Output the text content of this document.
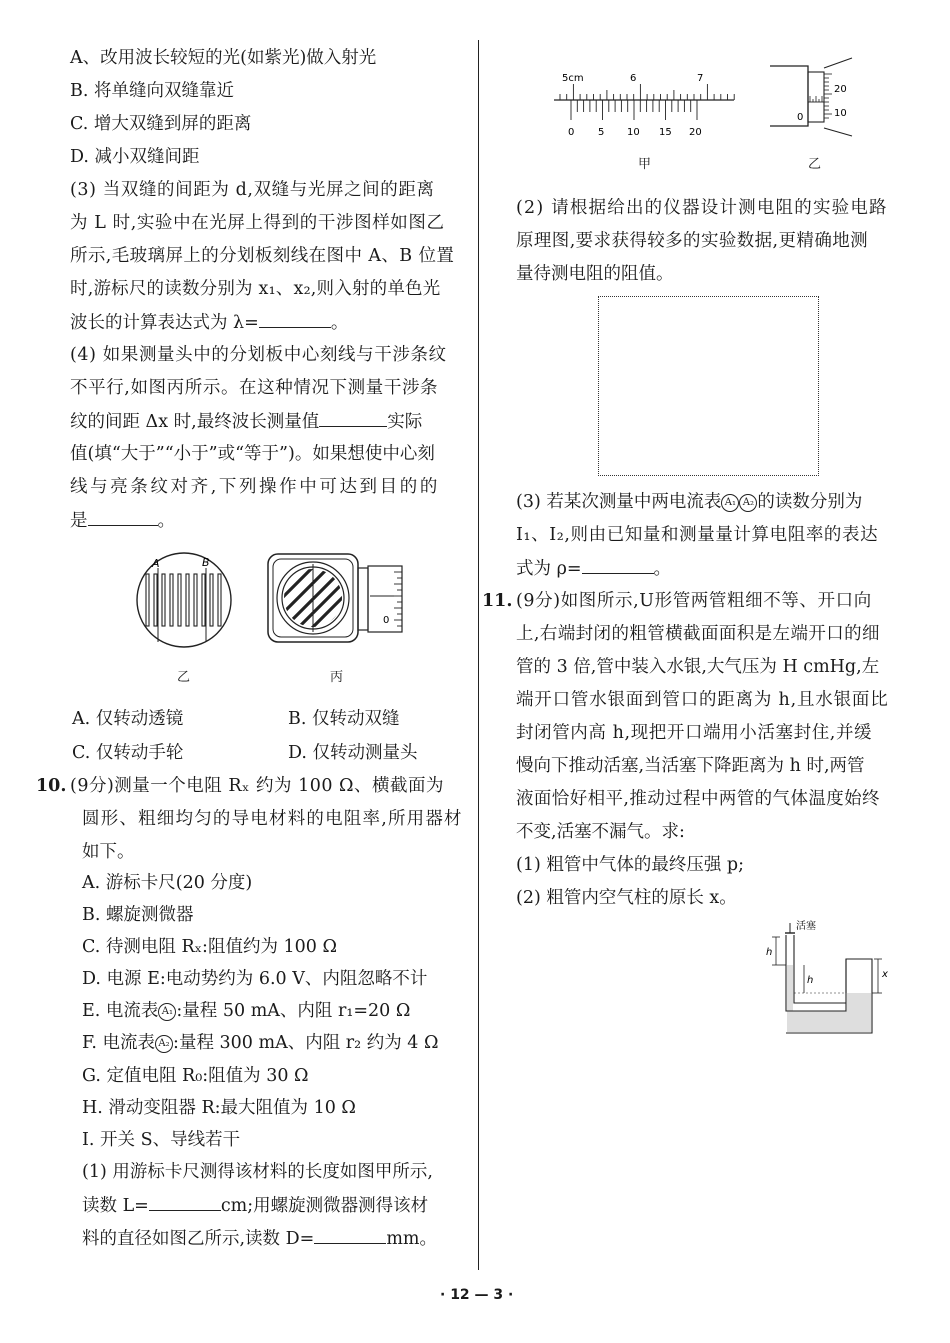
A、改用波长较短的光(如紫光)做入射光
B. 将单缝向双缝靠近
C. 增大双缝到屏的距离
D. 减小双缝间距
(3) 当双缝的间距为 d,双缝与光屏之间的距离
为 L 时,实验中在光屏上得到的干涉图样如图乙
所示,毛玻璃屏上的分划板刻线在图中 A、B 位置
时,游标尺的读数分别为 x₁、x₂,则入射的单色光
波长的计算表达式为 λ=	。
(4) 如果测量头中的分划板中心刻线与干涉条纹
不平行,如图丙所示。在这种情况下测量干涉条
纹的间距 Δx 时,最终波长测量值	实际
值(填“大于”“小于”或“等于”)。如果想使中心刻
线与亮条纹对齐,下列操作中可达到目的的
是	。
A	B
乙
0
丙
A. 仅转动透镜	B. 仅转动双缝
C. 仅转动手轮	D. 仅转动测量头
10. (9分)测量一个电阻 Rₓ 约为 100 Ω、横截面为
圆形、粗细均匀的导电材料的电阻率,所用器材
如下。
A. 游标卡尺(20 分度)
B. 螺旋测微器
C. 待测电阻 Rₓ:阻值约为 100 Ω
D. 电源 E:电动势约为 6.0 V、内阻忽略不计
E. 电流表 A₁ :量程 50 mA、内阻 r₁=20 Ω
F. 电流表 A₂ :量程 300 mA、内阻 r₂ 约为 4 Ω
G. 定值电阻 R₀:阻值为 30 Ω
H. 滑动变阻器 R:最大阻值为 10 Ω
I. 开关 S、导线若干
(1) 用游标卡尺测得该材料的长度如图甲所示,
读数 L=	cm;用螺旋测微器测得该材
料的直径如图乙所示,读数 D=	mm。
5cm	6	7
0 5 10 15 20
甲
20
10
0
乙
(2) 请根据给出的仪器设计测电阻的实验电路
原理图,要求获得较多的实验数据,更精确地测
量待测电阻的阻值。
(3) 若某次测量中两电流表 A₁ A₂ 的读数分别为
I₁、I₂,则由已知量和测量量计算电阻率的表达
式为 ρ=	。
11. (9分)如图所示,U形管两管粗细不等、开口向
上,右端封闭的粗管横截面面积是左端开口的细
管的 3 倍,管中装入水银,大气压为 H cmHg,左
端开口管水银面到管口的距离为 h,且水银面比
封闭管内高 h,现把开口端用小活塞封住,并缓
慢向下推动活塞,当活塞下降距离为 h 时,两管
液面恰好相平,推动过程中两管的气体温度始终
不变,活塞不漏气。求:
(1) 粗管中气体的最终压强 p;
(2) 粗管内空气柱的原长 x。
活塞
h
h
x
· 12 — 3 ·
